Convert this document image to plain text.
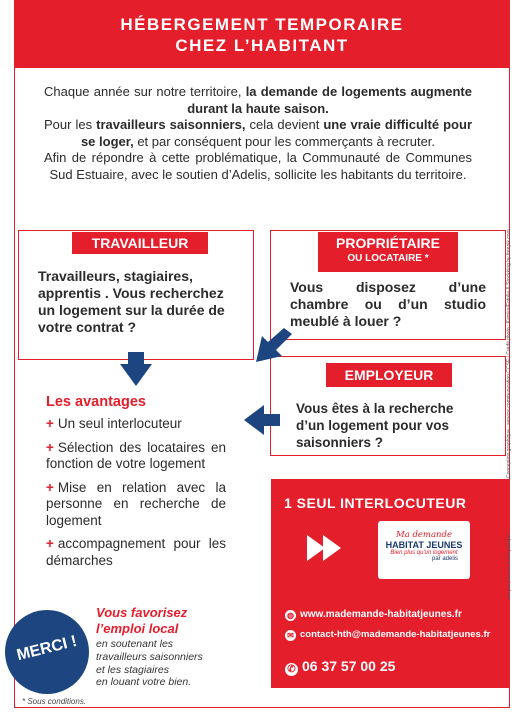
HÉBERGEMENT TEMPORAIRE
CHEZ L’HABITANT

Chaque année sur notre territoire, la demande de logements augmente durant la haute saison.

Pour les travailleurs saisonniers, cela devient une vraie difficulté pour se loger, et par conséquent pour les commerçants à recruter.

Afin de répondre à cette problématique, la Communauté de Communes Sud Estuaire, avec le soutien d’Adelis, sollicite les habitants du territoire.

TRAVAILLEUR
Travailleurs, stagiaires, apprentis . Vous recherchez un logement sur la durée de votre contrat ?
PROPRIÉTAIRE
OU LOCATAIRE *
Vous disposez d’une chambre ou d’un studio meublé à louer ?
EMPLOYEUR
Vous êtes à la recherche d’un logement pour vos saisonniers ?
Les avantages
+ Un seul interlocuteur
+ Sélection des locataires en fonction de votre logement
+ Mise en relation avec la personne en recherche de logement
+ accompagnement pour les démarches
1 SEUL INTERLOCUTEUR
Ma demande
HABITAT JEUNES
Bien plus qu'un logement
par adelis
◍ www.mademande-habitatjeunes.fr
✉ contact-hth@mademande-habitatjeunes.fr
✆ 06 37 57 00 25
MERCI !
Vous favorisez
l’emploi local
en soutenant les
travailleurs saisonniers
et les stagiaires
en louant votre bien.
* Sous conditions.
Conception graphique : service communication CCSE / Crédit photo : Kamira/Fotolia & Stockking by freepik.com
Ne pas jeter sur la voie publique
